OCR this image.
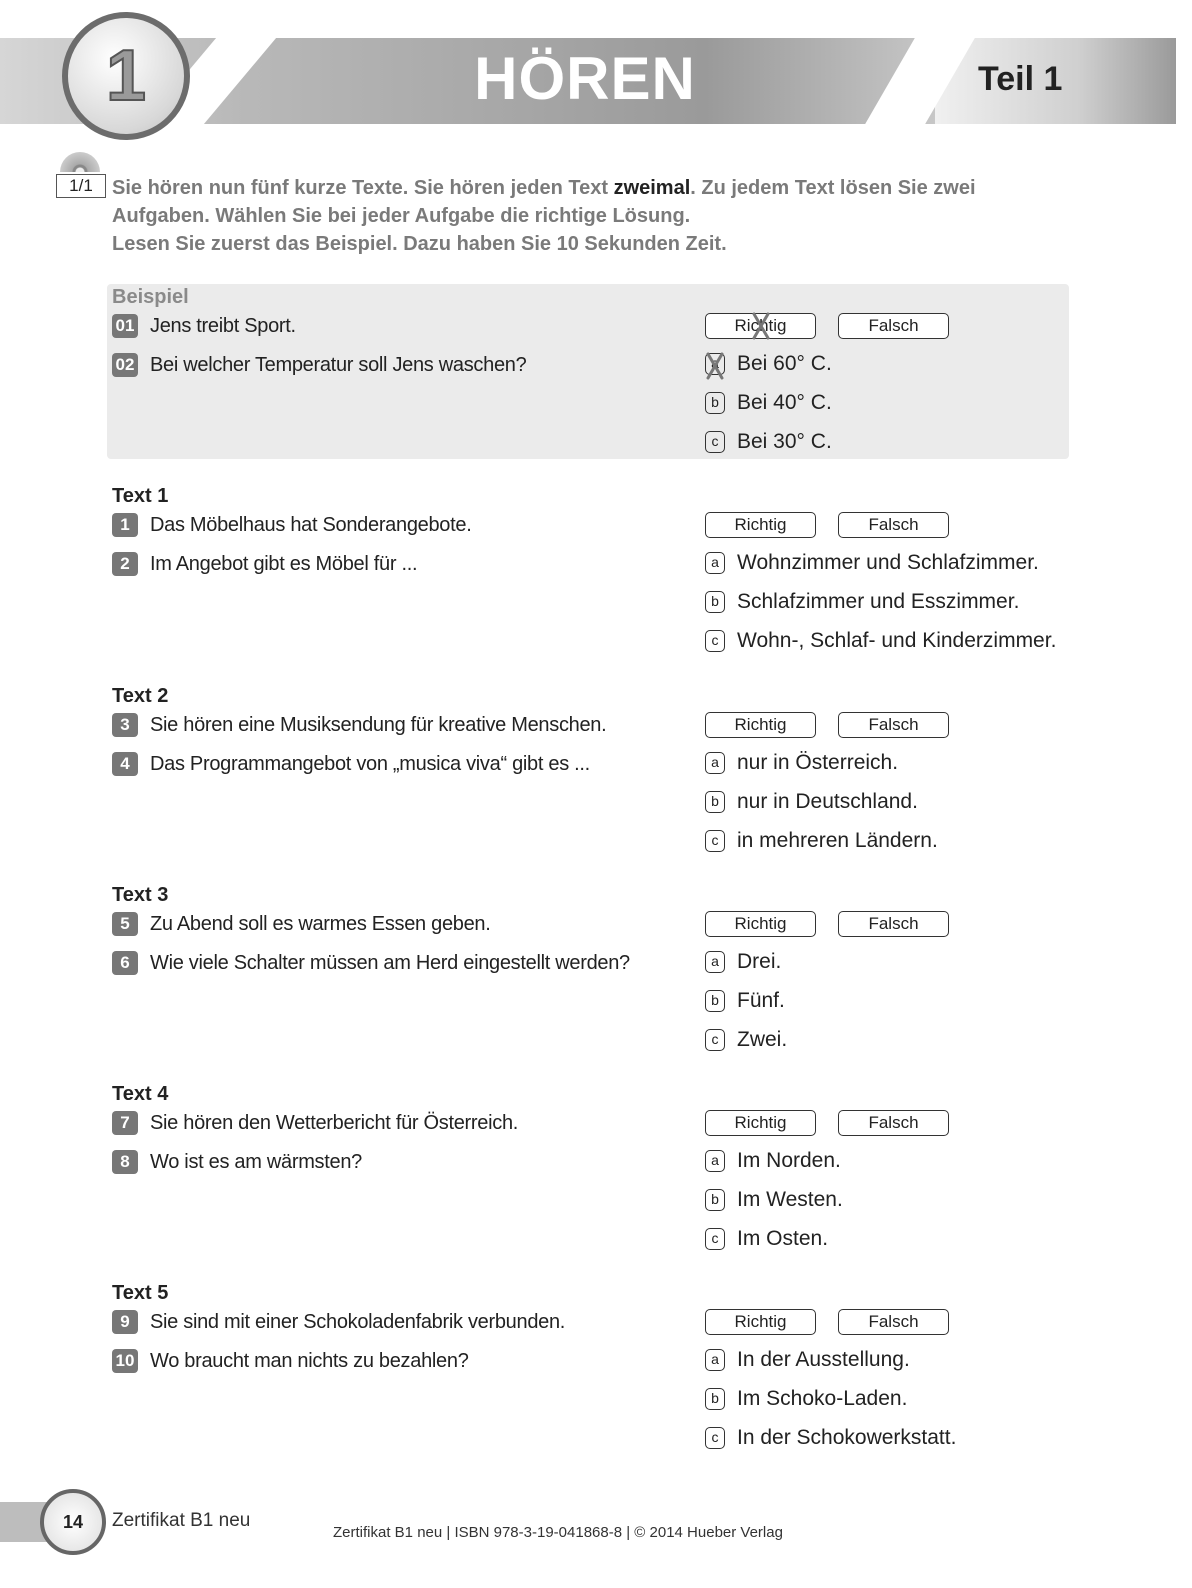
1	HÖREN	Teil 1
1/1 Sie hören nun fünf kurze Texte. Sie hören jeden Text zweimal. Zu jedem Text lösen Sie zwei
Aufgaben. Wählen Sie bei jeder Aufgabe die richtige Lösung.
Lesen Sie zuerst das Beispiel. Dazu haben Sie 10 Sekunden Zeit.
Beispiel
01 Jens treibt Sport.	Richtig	Falsch
02 Bei welcher Temperatur soll Jens waschen?	a Bei 60° C.
b Bei 40° C.
c Bei 30° C.
Text 1
1	Das Möbelhaus hat Sonderangebote.	Richtig	Falsch
2	Im Angebot gibt es Möbel für ...	a Wohnzimmer und Schlafzimmer.
b Schlafzimmer und Esszimmer.
c Wohn-, Schlaf- und Kinderzimmer.
Text 2
3	Sie hören eine Musiksendung für kreative Menschen.	Richtig	Falsch
4	Das Programmangebot von „musica viva“ gibt es ...	a nur in Österreich.
b nur in Deutschland.
c in mehreren Ländern.
Text 3
5	Zu Abend soll es warmes Essen geben.	Richtig	Falsch
6	Wie viele Schalter müssen am Herd eingestellt werden?	a Drei.
b Fünf.
c Zwei.
Text 4
7	Sie hören den Wetterbericht für Österreich.	Richtig	Falsch
8	Wo ist es am wärmsten?	a Im Norden.
b Im Westen.
c Im Osten.
Text 5
9	Sie sind mit einer Schokoladenfabrik verbunden.	Richtig	Falsch
10 Wo braucht man nichts zu bezahlen?	a In der Ausstellung.
b Im Schoko-Laden.
c In der Schokowerkstatt.
14	Zertifikat B1 neu
Zertifikat B1 neu | ISBN 978-3-19-041868-8 | © 2014 Hueber Verlag
